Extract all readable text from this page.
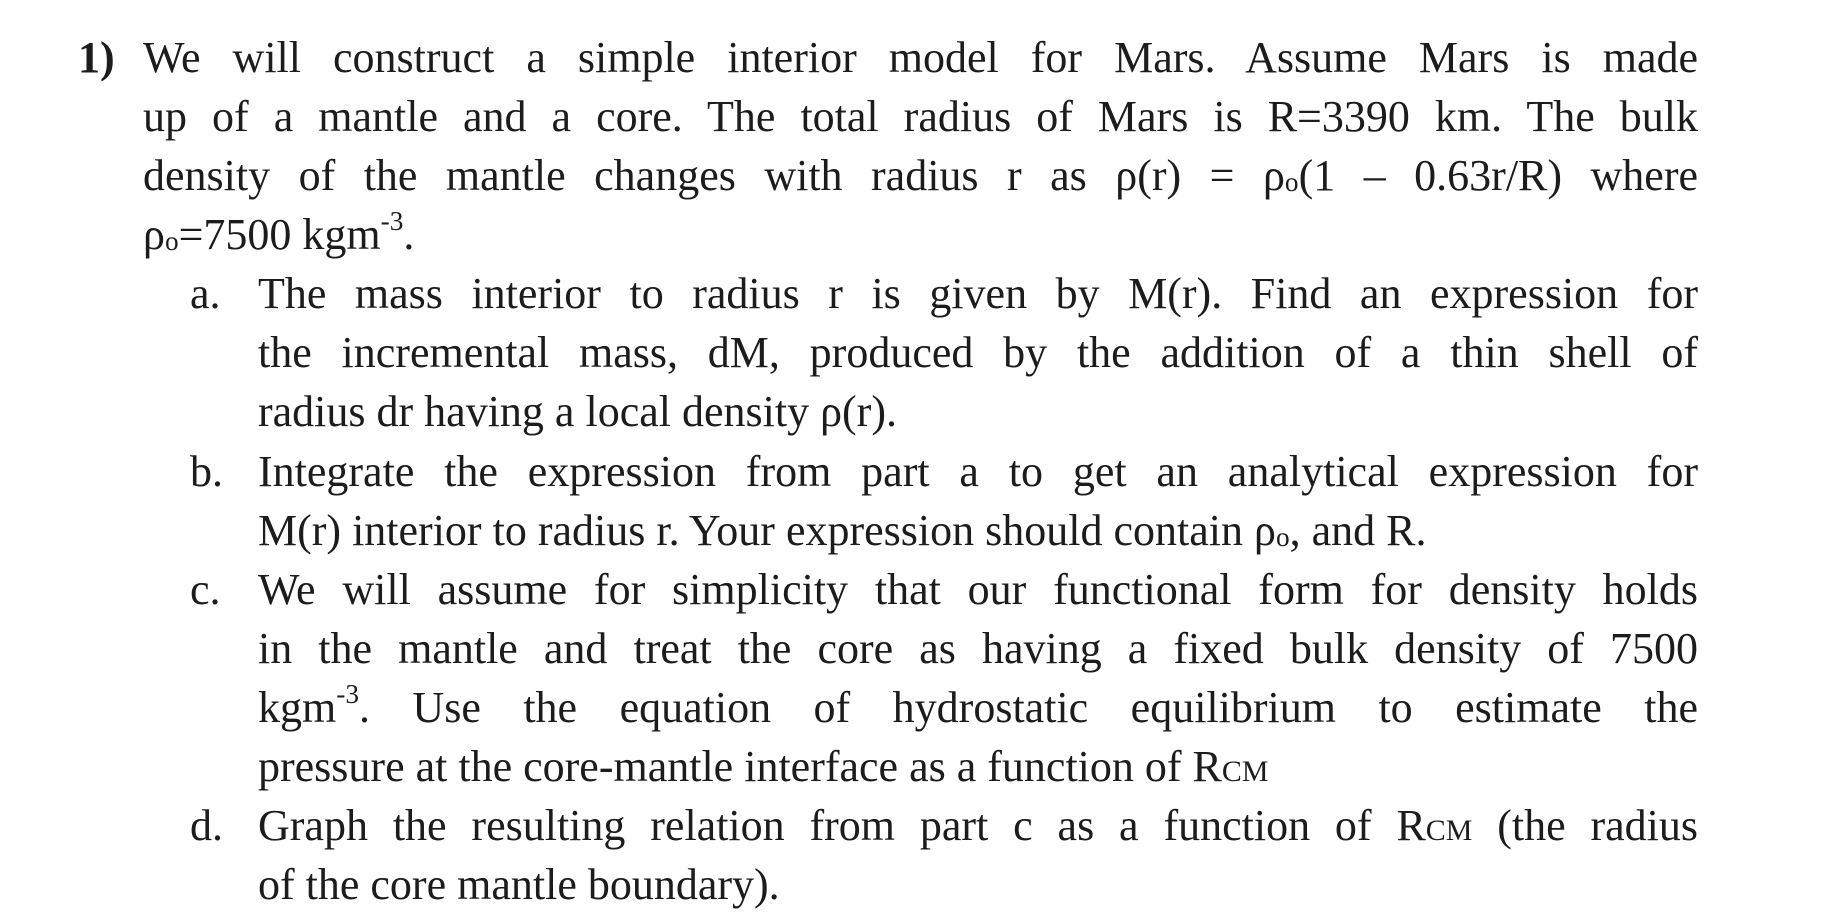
1) We will construct a simple interior model for Mars. Assume Mars is made
up of a mantle and a core. The total radius of Mars is R=3390 km. The bulk
density of the mantle changes with radius r as ρ(r) = ρo(1 – 0.63r/R) where
ρo=7500 kgm$^{-3}$.
a. The mass interior to radius r is given by M(r). Find an expression for
the incremental mass, dM, produced by the addition of a thin shell of
radius dr having a local density ρ(r).
b. Integrate the expression from part a to get an analytical expression for
M(r) interior to radius r. Your expression should contain ρo, and R.
c. We will assume for simplicity that our functional form for density holds
in the mantle and treat the core as having a fixed bulk density of 7500
kgm$^{-3}$. Use the equation of hydrostatic equilibrium to estimate the
pressure at the core-mantle interface as a function of RCM
d. Graph the resulting relation from part c as a function of RCM (the radius
of the core mantle boundary).
